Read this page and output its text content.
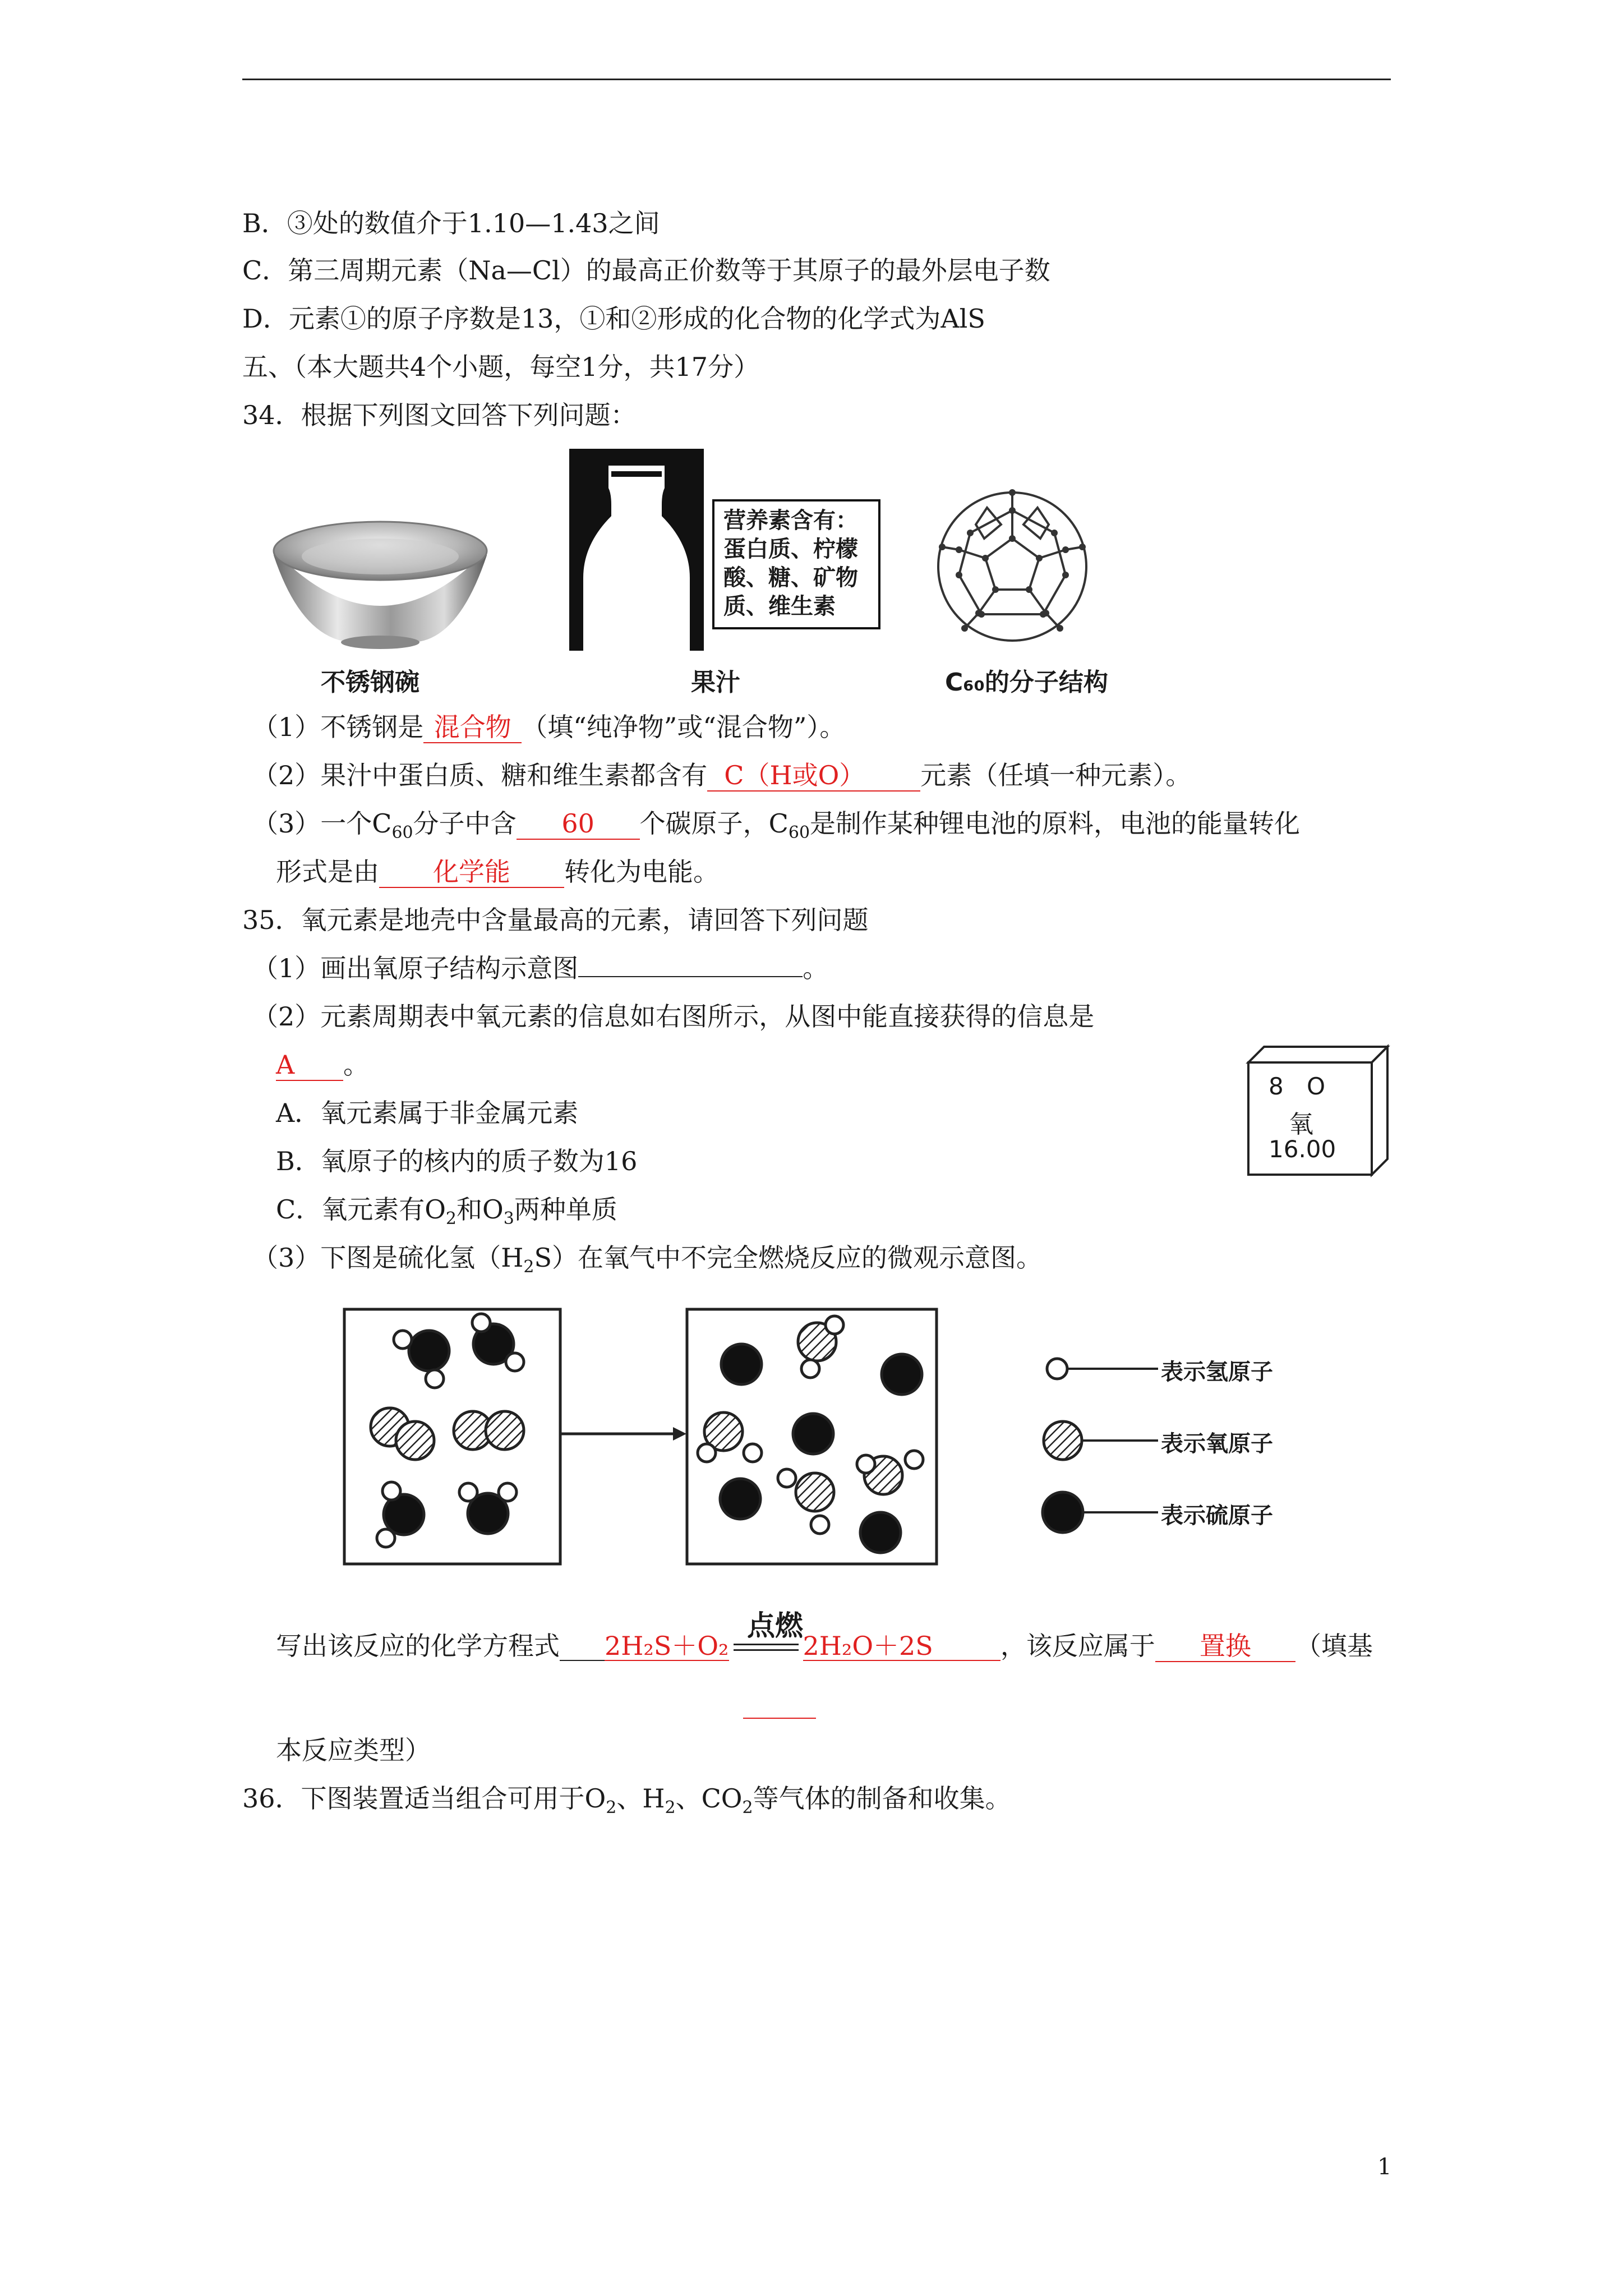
B．③处的数值介于1.10—1.43之间
C．第三周期元素（Na—Cl）的最高正价数等于其原子的最外层电子数
D．元素①的原子序数是13，①和②形成的化合物的化学式为AlS
五、（本大题共4个小题，每空1分，共17分）
34．根据下列图文回答下列问题：
不锈钢碗
营养素含有：
蛋白质、柠檬
酸、糖、矿物
质、维生素
果汁	C₆₀的分子结构
（1）不锈钢是 混合物 （填“纯净物”或“混合物”）。
（2）果汁中蛋白质、糖和维生素都含有 C（H或O） 元素（任填一种元素）。
（3）一个$C_{60}$分子中含 60 个碳原子，$C_{60}$是制作某种锂电池的原料，电池的能量转化
形式是由 化学能 转化为电能。
35．氧元素是地壳中含量最高的元素，请回答下列问题
（1）画出氧原子结构示意图	。
（2）元素周期表中氧元素的信息如右图所示，从图中能直接获得的信息是
A 。
A．氧元素属于非金属元素
B．氧原子的核内的质子数为16
C．氧元素有$O_2$和$O_3$两种单质
8 O
氧
16.00
（3）下图是硫化氢$(H_2S)$在氧气中不完全燃烧反应的微观示意图。
表示氢原子
表示氧原子
表示硫原子
写出该反应的化学方程式 2H₂S＋O₂	2H₂O＋2S	，该反应属于 置换 （填基
点燃
本反应类型）
36．下图装置适当组合可用于$O_2$、$H_2$、$CO_2$等气体的制备和收集。
1
